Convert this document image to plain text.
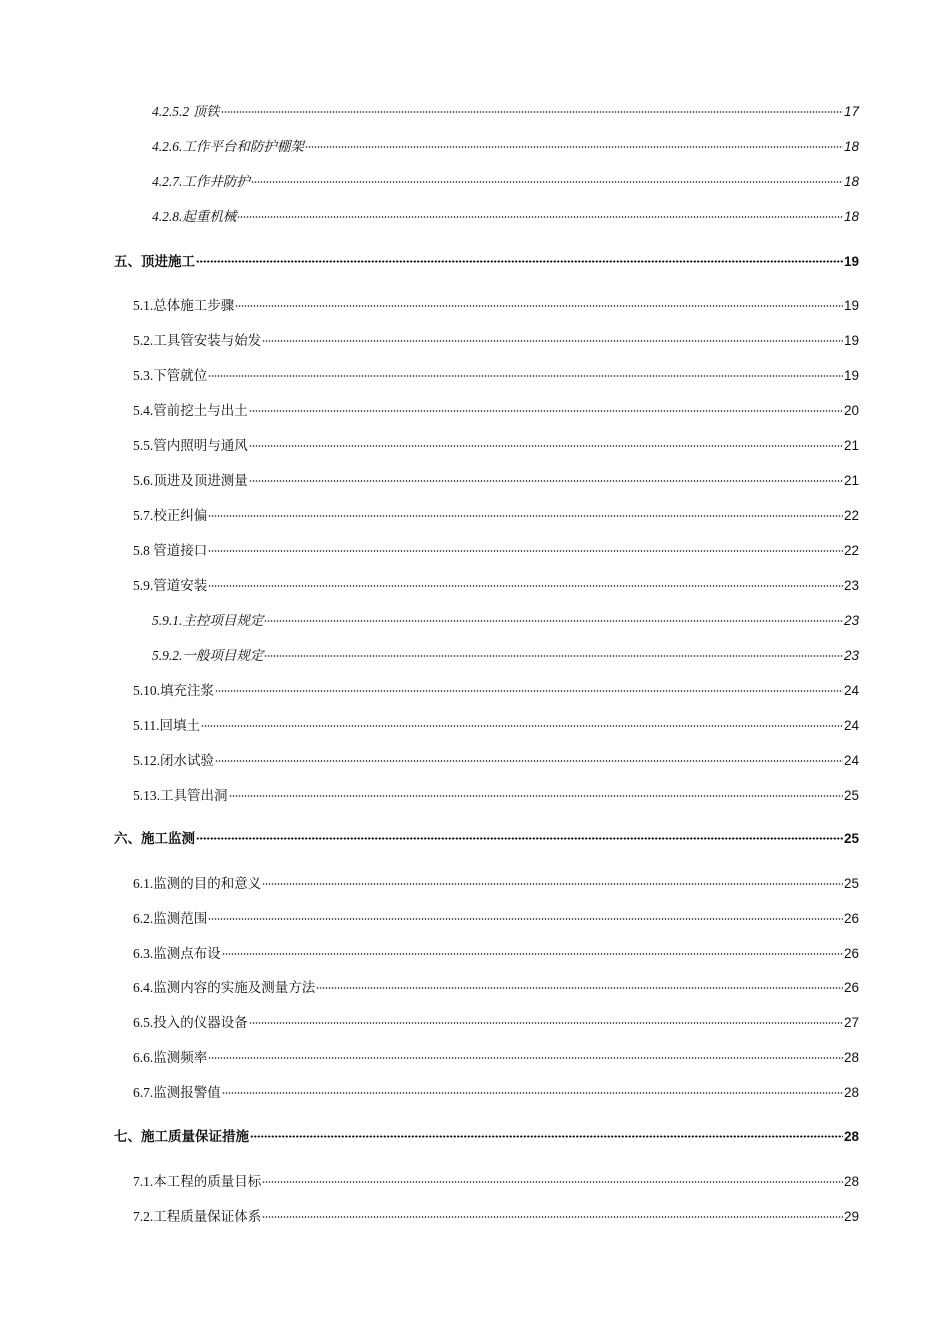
4.2.5.2 顶铁	17
4.2.6.工作平台和防护棚架	18
4.2.7.工作井防护	18
4.2.8.起重机械	18
五、顶进施工	19
5.1.总体施工步骤	19
5.2.工具管安装与始发	19
5.3.下管就位	19
5.4.管前挖土与出土	20
5.5.管内照明与通风	21
5.6.顶进及顶进测量	21
5.7.校正纠偏	22
5.8 管道接口	22
5.9.管道安装	23
5.9.1.主控项目规定	23
5.9.2.一般项目规定	23
5.10.填充注浆	24
5.11.回填土	24
5.12.闭水试验	24
5.13.工具管出洞	25
六、施工监测	25
6.1.监测的目的和意义	25
6.2.监测范围	26
6.3.监测点布设	26
6.4.监测内容的实施及测量方法	26
6.5.投入的仪器设备	27
6.6.监测频率	28
6.7.监测报警值	28
七、施工质量保证措施	28
7.1.本工程的质量目标	28
7.2.工程质量保证体系	29
